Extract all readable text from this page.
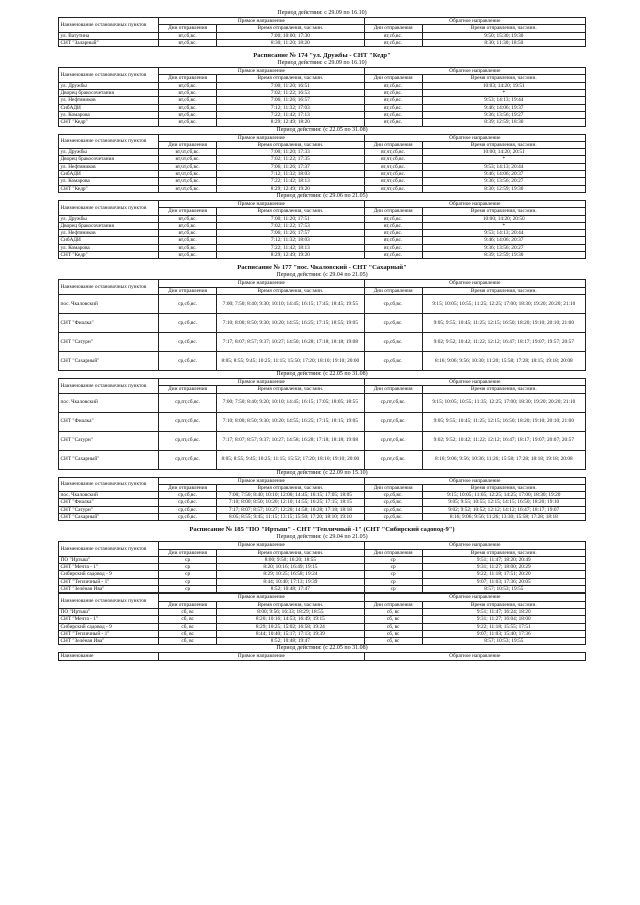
Период действия: с 29.09 по 16.10)

Наименование остановочных пунктов	Прямое направление		Обратное направление	
	Дни отправления	Время отправления, час:мин.	Дни отправления	Время отправления, час:мин.
ул. Ватутина	вт,сб,вс.	7:00; 10:00; 17:30	вт,сб,вс.	9:50; 15:30; 19:30
СНТ "Заларный"	вт,сб,вс.	8:30; 11:20; 18:20	вт,сб,вс.	8:30; 11:30; 18:50

Расписание № 174 "ул. Дружбы - СНТ "Кедр"

Период действия: с 29.09 по 16.10)

Наименование остановочных пунктов	Прямое направление		Обратное направление	
	Дни отправления	Время отправления, час:мин.	Дни отправления	Время отправления, час:мин.
ул. Дружбы	вт,сб,вс.	7:00; 11:20; 16:51	вт,сб,вс.	10:03; 14:20; 19:51
Дворец бракосочетания	вт,сб,вс.	7:02; 11:22; 16:53	вт,сб,вс.	*
ул. Нефтяников	вт,сб,вс.	7:06; 11:26; 16:57	вт,сб,вс.	9:53; 14:13; 19:44
СибАДИ	вт,сб,вс.	7:12; 11:32; 17:03	вт,сб,вс.	9:46; 14:06; 19:37
ул. Комарова	вт,сб,вс.	7:22; 11:42; 17:13	вт,сб,вс.	9:36; 13:56; 19:27
СНТ "Кедр"	вт,сб,вс.	8:29; 12:49; 18:20	вт,сб,вс.	8:39; 12:59; 18:30

Период действия: (с 22.05 по 31.08)

Наименование остановочных пунктов	Прямое направление		Обратное направление	
	Дни отправления	Время отправления, час:мин.	Дни отправления	Время отправления, час:мин.
ул. Дружбы	вт,чт,сб,вс.	7:00; 11:20; 17:33	вт,чт,сб,вс.	10:00; 14:20; 20:51
Дворец бракосочетания	вт,чт,сб,вс.	7:02; 11:22; 17:35	вт,чт,сб,вс.	*
ул. Нефтяников	вт,чт,сб,вс.	7:06; 11:26; 17:37	вт,чт,сб,вс.	9:53; 14:13; 20:44
СибАДИ	вт,чт,сб,вс.	7:12; 11:32; 18:03	вт,чт,сб,вс.	9:46; 14:06; 20:37
ул. Комарова	вт,чт,сб,вс.	7:22; 11:42; 18:13	вт,чт,сб,вс.	9:36; 13:56; 20:27
СНТ "Кедр"	вт,чт,сб,вс.	8:29; 12:49; 19:20	вт,чт,сб,вс.	8:30; 12:59; 19:30

Период действия: (с 29.06 по 21.05)

Наименование остановочных пунктов	Прямое направление		Обратное направление	
	Дни отправления	Время отправления, час:мин.	Дни отправления	Время отправления, час:мин.
ул. Дружбы	вт,сб,вс.	7:00; 11:20; 17:51	вт,сб,вс.	10:00; 14:20; 20:50
Дворец бракосочетания	вт,сб,вс.	7:02; 11:22; 17:53	вт,сб,вс.	*
ул. Нефтяников	вт,сб,вс.	7:06; 11:26; 17:57	вт,сб,вс.	9:53; 14:13; 20:44
СибАДИ	вт,сб,вс.	7:12; 11:32; 18:03	вт,сб,вс.	9:46; 14:06; 20:37
ул. Комарова	вт,сб,вс.	7:22; 11:42; 18:13	вт,сб,вс.	9:36; 13:56; 20:27
СНТ "Кедр"	вт,сб,вс.	8:29; 12:49; 19:20	вт,сб,вс.	8:39; 12:59; 19:30

Расписание № 177 "пос. Чкаловский - СНТ "Сахарный"

Период действия: (с 29.04 по 21.05)

Наименование остановочных пунктов	Прямое направление		Обратное направление	
	Дни отправления	Время отправления, час:мин.	Дни отправления	Время отправления, час:мин.
пос. Чкаловский	ср,сб,вс.	7:00; 7:50; 8:40; 9:30; 10:10; 14:45; 16:15; 17:45; 18:45; 19:55	ср,сб,вс.	9:15; 10:05; 10:55; 11:25; 12:25; 17:00; 18:30; 19:20; 20:20; 21:10
СНТ "Фиалка"	ср,сб,вс.	7:10; 8:00; 8:50; 9:30; 10:20; 14:55; 16:25; 17:15; 18:55; 19:05	ср,сб,вс.	9:05; 9:55; 10:45; 11:25; 12:15; 16:50; 18:20; 19:10; 20:10; 21:00
СНТ "Сатурн"	ср,сб,вс.	7:17; 8:07; 8:57; 9:37; 10:27; 14:50; 16:28; 17:18; 18:18; 19:08	ср,сб,вс.	9:02; 9:52; 10:42; 11:22; 12:12; 16:47; 18:17; 19:07; 19:57; 20:57
СНТ "Сахарный"	ср,сб,вс.	8:05; 8:55; 9:45; 10:25; 11:15; 15:50; 17:20; 18:10; 19:10; 20:00	ср,сб,вс.	8:16; 9:06; 9:56; 10:30; 11:20; 15:58; 17:28; 18:15; 19:18; 20:08

Период действия: (с 22.05 по 31.08)

Наименование остановочных пунктов	Прямое направление		Обратное направление	
	Дни отправления	Время отправления, час:мин.	Дни отправления	Время отправления, час:мин.
пос. Чкаловский	ср,пт,сб,вс.	7:00; 7:50; 8:40; 9:20; 10:10; 14:45; 16:15; 17:05; 18:05; 18:55	ср,пт,сб,вс.	9:15; 10:05; 10:55; 11:35; 12:25; 17:00; 18:30; 19:20; 20:20; 21:10
СНТ "Фиалка"	ср,пт,сб,вс.	7:10; 8:00; 8:50; 9:30; 10:20; 14:55; 16:25; 17:15; 18:15; 19:05	ср,пт,сб,вс.	9:05; 9:55; 10:45; 11:25; 12:15; 16:50; 18:20; 19:10; 20:10; 21:00
СНТ "Сатурн"	ср,пт,сб,вс.	7:17; 8:07; 8:57; 9:37; 10:27; 14:58; 16:28; 17:18; 18:18; 19:08	ср,пт,сб,вс.	9:02; 9:52; 10:42; 11:22; 12:12; 16:47; 18:17; 19:07; 20:07; 20:57
СНТ "Сахарный"	ср,пт,сб,вс.	8:05; 8:55; 9:45; 10:25; 11:15; 15:52; 17:20; 18:10; 19:10; 20:00	ср,пт,сб,вс.	8:16; 9:06; 9:56; 10:36; 11:26; 15:58; 17:28; 18:18; 19:18; 20:08

Период действия: (с 22.09 по 15.10)

Наименование остановочных пунктов	Прямое направление		Обратное направление	
	Дни отправления	Время отправления, час:мин.	Дни отправления	Время отправления, час:мин.
пос. Чкаловский	ср,сб,вс.	7:00; 7:50; 8:40; 10:10; 12:00; 14:45; 16:15; 17:05; 18:05	ср,сб,вс.	9:15; 10:05; 11:05; 12:25; 14:25; 17:00; 18:30; 19:20
СНТ "Фиалка"	ср,сб,вс.	7:10; 8:00; 8:50; 10:20; 12:10; 14:55; 16:25; 17:15; 18:15	ср,сб,вс.	9:05; 9:55; 10:55; 12:15; 14:15; 16:50; 18:20; 19:10
СНТ "Сатурн"	ср,сб,вс.	7:17; 8:07; 8:57; 10:27; 12:20; 14:58; 16:28; 17:18; 18:18	ср,сб,вс.	9:02; 9:52; 10:52; 12:12; 14:12; 16:47; 18:17; 19:07
СНТ "Сахарный"	ср,сб,вс.	8:05; 8:55; 9:45; 11:15; 13:15; 15:50; 17:20; 18:10; 19:10	ср,сб,вс.	8:16; 9:06; 9:56; 11:26; 13:30; 15:58; 17:28; 18:18

Расписание № 185 "ПО "Иртыш" - СНТ "Тепличный -1" (СНТ "Сибирский садовод-9")

Период действия: (с 29.04 по 21.05)

Наименование остановочных пунктов	Прямое направление		Обратное направление	
	Дни отправления	Время отправления, час:мин.	Дни отправления	Время отправления, час:мин.
ПО "Иртыш"	ср	8:00; 9:50; 16:20; 18:55	ср	9:51; 11:47; 18:20; 20:49
СНТ "Мечта - 1"	ср	8:20; 10:16; 16:49; 19:15	ср	9:31; 11:27; 18:00; 20:29
Сибирский садовод - 9	ср	8:29; 10:25; 16:58; 19:24	ср	9:22; 11:18; 17:51; 20:20
СНТ "Тепличный - 1"	ср	8:44; 10:40; 17:13; 19:39	ср	9:07; 11:03; 17:36; 20:05
СНТ "Зелёная Ива"	ср	8:52; 10:48; 17:47	ср	8:57; 10:53; 19:55
Наименование остановочных пунктов	Прямое направление		Обратное направление	
	Дни отправления	Время отправления, час:мин.	Дни отправления	Время отправления, час:мин.
ПО "Иртыш"	сб, вс	8:00; 9:56; 16:33; 18:29; 18:55	сб, вс	9:51; 11:47; 16:24; 18:20
СНТ "Мечта - 1"	сб, вс	8:20; 10:16; 14:53; 16:49; 19:15	сб, вс	9:31; 11:27; 16:04; 18:00
Сибирский садовод - 9	сб, вс	8:29; 10:25; 15:02; 16:58; 19:24	сб, вс	9:22; 11:18; 15:55; 17:51
СНТ "Тепличный - 1"	сб, вс	8:44; 10:40; 15:17; 17:13; 19:39	сб, вс	9:07; 11:03; 15:40; 17:36
СНТ "Зелёная Ива"	сб, вс	8:52; 10:48; 19:47	сб, вс	8:57; 10:53; 19:55

Период действия: (с 22.05 по 31.08)

Наименование	Прямое направление	Обратное направление
